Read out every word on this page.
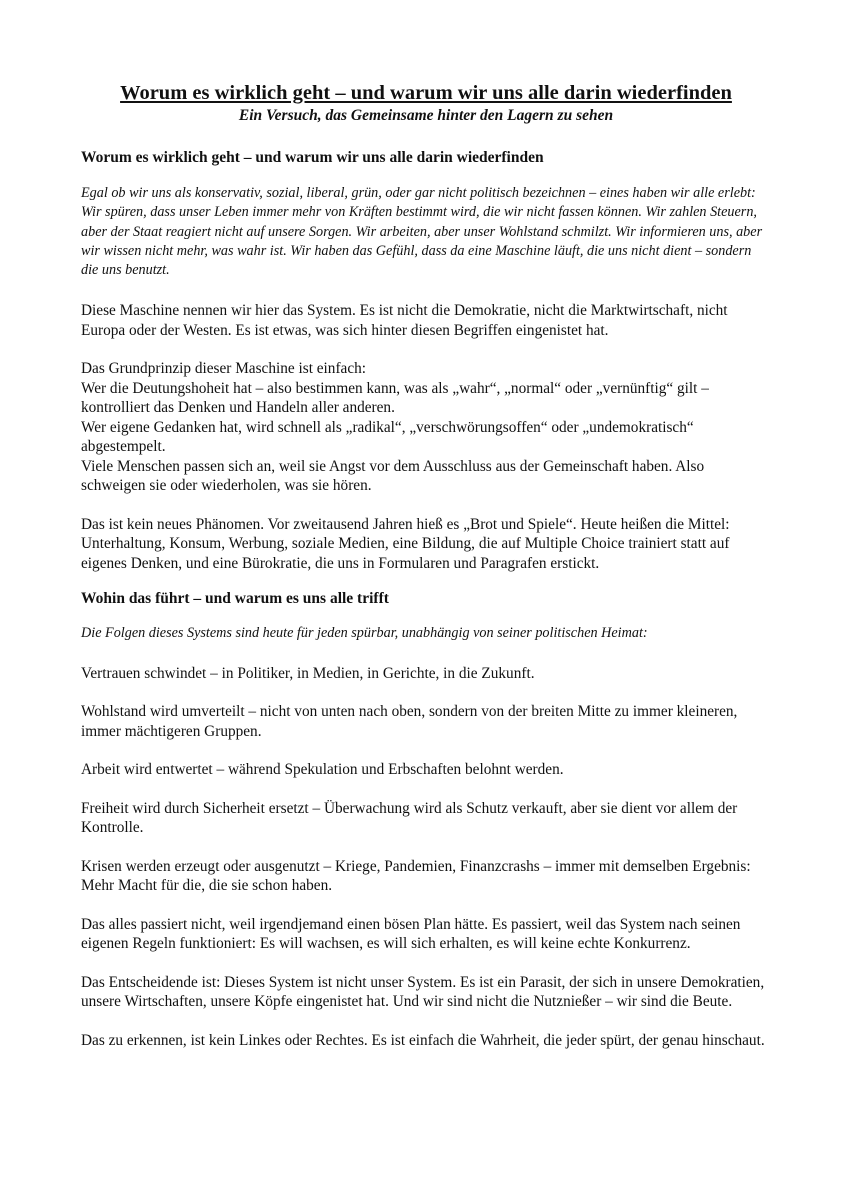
Worum es wirklich geht – und warum wir uns alle darin wiederfinden
Ein Versuch, das Gemeinsame hinter den Lagern zu sehen
Worum es wirklich geht – und warum wir uns alle darin wiederfinden

Egal ob wir uns als konservativ, sozial, liberal, grün, oder gar nicht politisch bezeichnen – eines haben wir alle erlebt: Wir spüren, dass unser Leben immer mehr von Kräften bestimmt wird, die wir nicht fassen können. Wir zahlen Steuern, aber der Staat reagiert nicht auf unsere Sorgen. Wir arbeiten, aber unser Wohlstand schmilzt. Wir informieren uns, aber wir wissen nicht mehr, was wahr ist. Wir haben das Gefühl, dass da eine Maschine läuft, die uns nicht dient – sondern die uns benutzt.

Diese Maschine nennen wir hier das System. Es ist nicht die Demokratie, nicht die Marktwirtschaft, nicht Europa oder der Westen. Es ist etwas, was sich hinter diesen Begriffen eingenistet hat.

Das Grundprinzip dieser Maschine ist einfach:
Wer die Deutungshoheit hat – also bestimmen kann, was als „wahr“, „normal“ oder „vernünftig“ gilt – kontrolliert das Denken und Handeln aller anderen.
Wer eigene Gedanken hat, wird schnell als „radikal“, „verschwörungsoffen“ oder „undemokratisch“ abgestempelt.
Viele Menschen passen sich an, weil sie Angst vor dem Ausschluss aus der Gemeinschaft haben. Also schweigen sie oder wiederholen, was sie hören.

Das ist kein neues Phänomen. Vor zweitausend Jahren hieß es „Brot und Spiele“. Heute heißen die Mittel: Unterhaltung, Konsum, Werbung, soziale Medien, eine Bildung, die auf Multiple Choice trainiert statt auf eigenes Denken, und eine Bürokratie, die uns in Formularen und Paragrafen erstickt.

Wohin das führt – und warum es uns alle trifft

Die Folgen dieses Systems sind heute für jeden spürbar, unabhängig von seiner politischen Heimat:

Vertrauen schwindet – in Politiker, in Medien, in Gerichte, in die Zukunft.

Wohlstand wird umverteilt – nicht von unten nach oben, sondern von der breiten Mitte zu immer kleineren, immer mächtigeren Gruppen.

Arbeit wird entwertet – während Spekulation und Erbschaften belohnt werden.

Freiheit wird durch Sicherheit ersetzt – Überwachung wird als Schutz verkauft, aber sie dient vor allem der Kontrolle.

Krisen werden erzeugt oder ausgenutzt – Kriege, Pandemien, Finanzcrashs – immer mit demselben Ergebnis: Mehr Macht für die, die sie schon haben.

Das alles passiert nicht, weil irgendjemand einen bösen Plan hätte. Es passiert, weil das System nach seinen eigenen Regeln funktioniert: Es will wachsen, es will sich erhalten, es will keine echte Konkurrenz.

Das Entscheidende ist: Dieses System ist nicht unser System. Es ist ein Parasit, der sich in unsere Demokratien, unsere Wirtschaften, unsere Köpfe eingenistet hat. Und wir sind nicht die Nutznießer – wir sind die Beute.

Das zu erkennen, ist kein Linkes oder Rechtes. Es ist einfach die Wahrheit, die jeder spürt, der genau hinschaut.
